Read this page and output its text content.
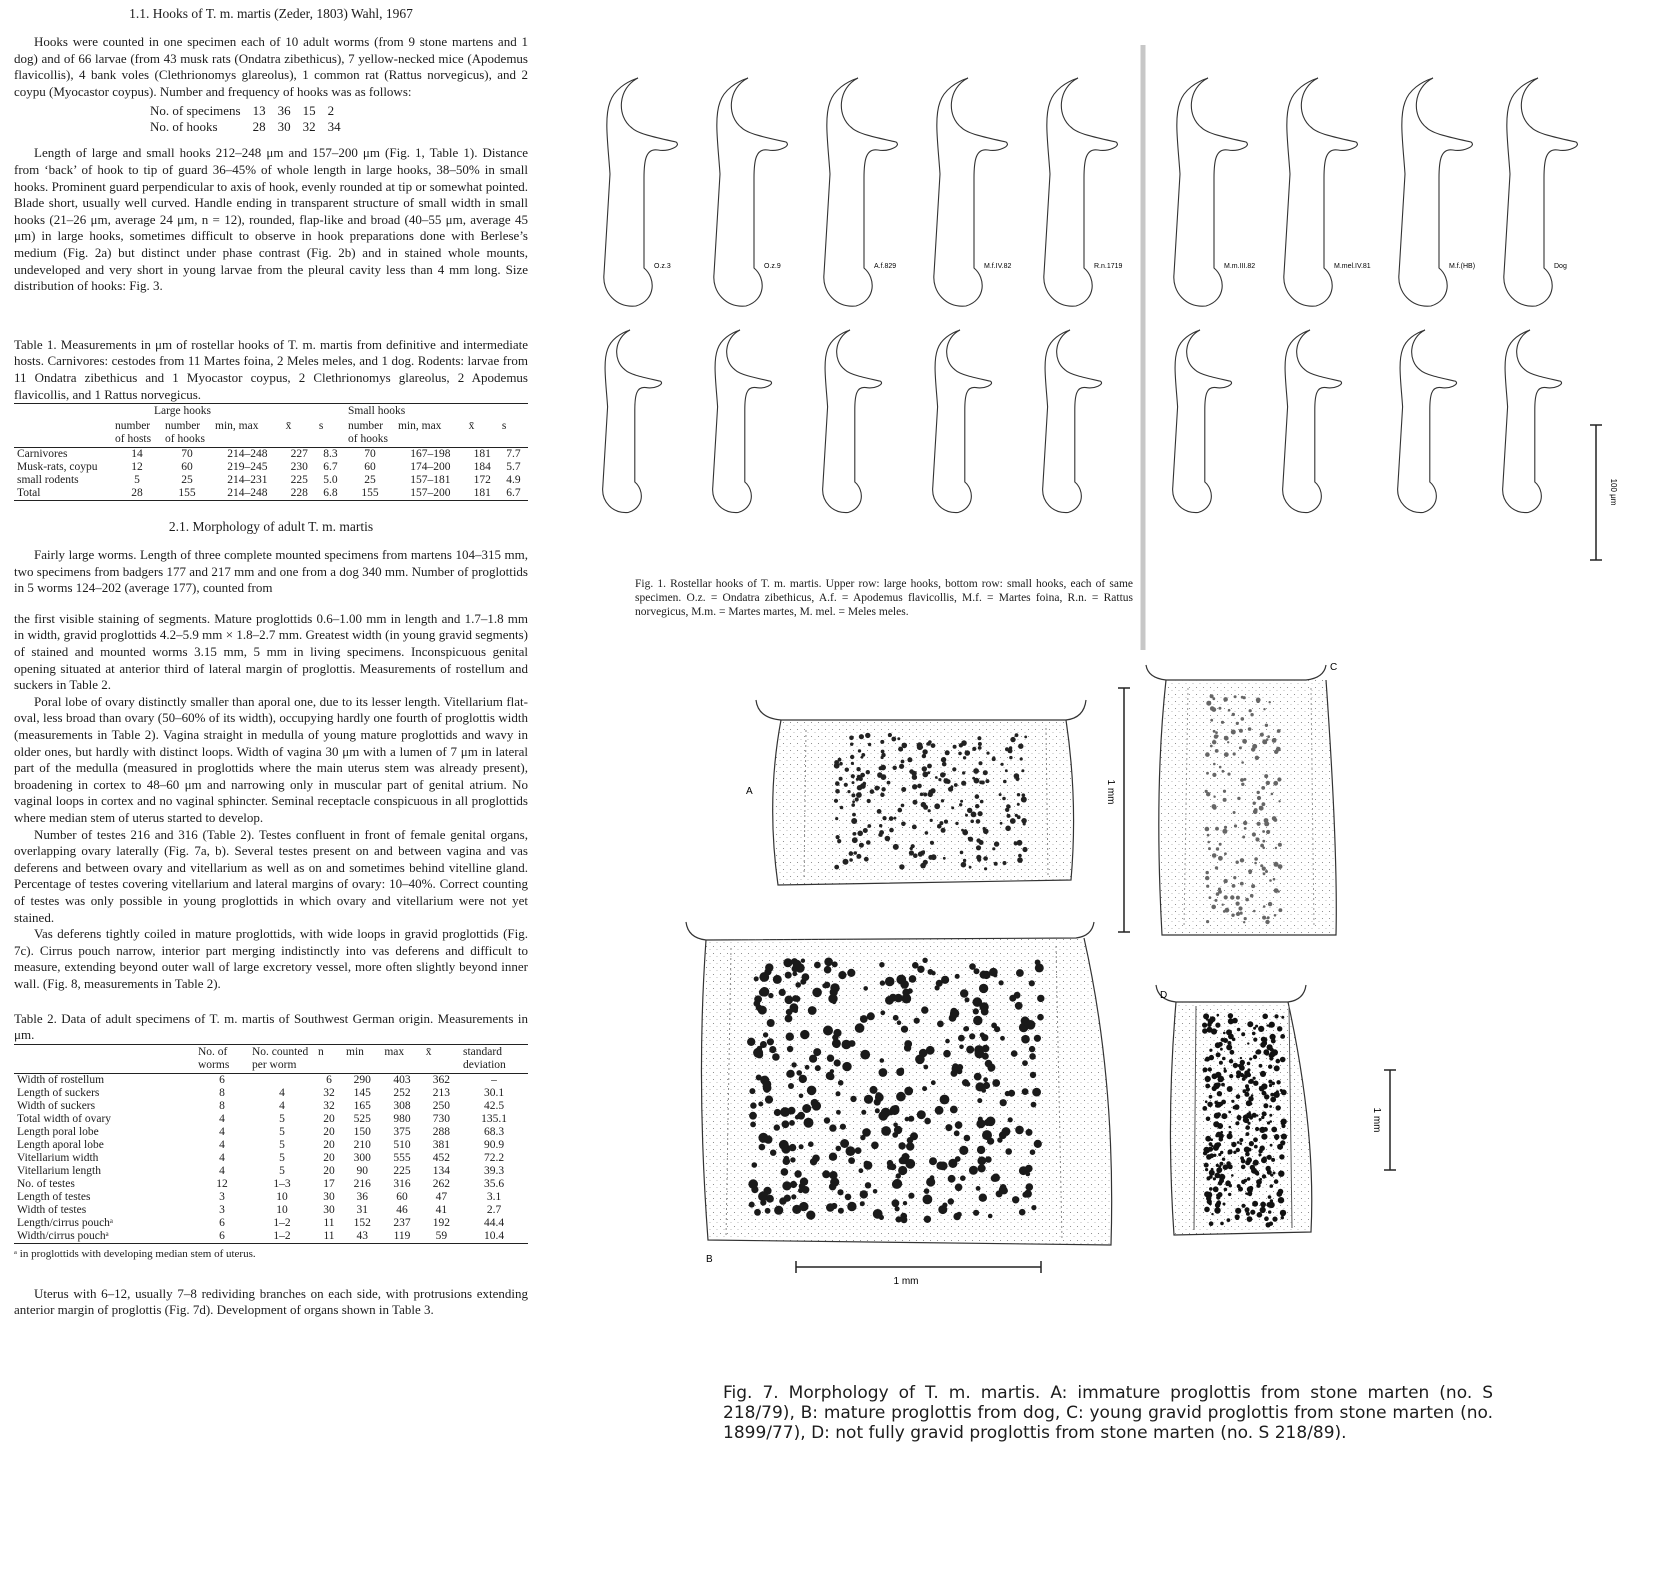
1.1. Hooks of T. m. martis (Zeder, 1803) Wahl, 1967

Hooks were counted in one specimen each of 10 adult worms (from 9 stone martens and 1 dog) and of 66 larvae (from 43 musk rats (Ondatra zibethicus), 7 yellow-necked mice (Apodemus flavicollis), 4 bank voles (Clethrionomys glareolus), 1 common rat (Rattus norvegicus), and 2 coypu (Myocastor coypus). Number and frequency of hooks was as follows:

No. of specimens	13	36	15	2
No. of hooks	28	30	32	34

Length of large and small hooks 212–248 μm and 157–200 μm (Fig. 1, Table 1). Distance from ‘back’ of hook to tip of guard 36–45% of whole length in large hooks, 38–50% in small hooks. Prominent guard perpendicular to axis of hook, evenly rounded at tip or somewhat pointed. Blade short, usually well curved. Handle ending in transparent structure of small width in small hooks (21–26 μm, average 24 μm, n = 12), rounded, flap-like and broad (40–55 μm, average 45 μm) in large hooks, sometimes difficult to observe in hook preparations done with Berlese’s medium (Fig. 2a) but distinct under phase contrast (Fig. 2b) and in stained whole mounts, undeveloped and very short in young larvae from the pleural cavity less than 4 mm long. Size distribution of hooks: Fig. 3.

Table 1. Measurements in μm of rostellar hooks of T. m. martis from definitive and intermediate hosts. Carnivores: cestodes from 11 Martes foina, 2 Meles meles, and 1 dog. Rodents: larvae from 11 Ondatra zibethicus and 1 Myocastor coypus, 2 Clethrionomys glareolus, 2 Apodemus flavicollis, and 1 Rattus norvegicus.

	Large hooks					Small hooks			
	number of hosts	number of hooks	min, max	x̄	s	number of hooks	min, max	x̄	s
Carnivores	14	70	214–248	227	8.3	70	167–198	181	7.7
Musk-rats, coypu	12	60	219–245	230	6.7	60	174–200	184	5.7
small rodents	5	25	214–231	225	5.0	25	157–181	172	4.9
Total	28	155	214–248	228	6.8	155	157–200	181	6.7
2.1. Morphology of adult T. m. martis

Fairly large worms. Length of three complete mounted specimens from martens 104–315 mm, two specimens from badgers 177 and 217 mm and one from a dog 340 mm. Number of proglottids in 5 worms 124–202 (average 177), counted from

the first visible staining of segments. Mature proglottids 0.6–1.00 mm in length and 1.7–1.8 mm in width, gravid proglottids 4.2–5.9 mm × 1.8–2.7 mm. Greatest width (in young gravid segments) of stained and mounted worms 3.15 mm, 5 mm in living specimens. Inconspicuous genital opening situated at anterior third of lateral margin of proglottis. Measurements of rostellum and suckers in Table 2.

Poral lobe of ovary distinctly smaller than aporal one, due to its lesser length. Vitellarium flat-oval, less broad than ovary (50–60% of its width), occupying hardly one fourth of proglottis width (measurements in Table 2). Vagina straight in medulla of young mature proglottids and wavy in older ones, but hardly with distinct loops. Width of vagina 30 μm with a lumen of 7 μm in lateral part of the medulla (measured in proglottids where the main uterus stem was already present), broadening in cortex to 48–60 μm and narrowing only in muscular part of genital atrium. No vaginal loops in cortex and no vaginal sphincter. Seminal receptacle conspicuous in all proglottids where median stem of uterus started to develop.

Number of testes 216 and 316 (Table 2). Testes confluent in front of female genital organs, overlapping ovary laterally (Fig. 7a, b). Several testes present on and between vagina and vas deferens and between ovary and vitellarium as well as on and sometimes behind vitelline gland. Percentage of testes covering vitellarium and lateral margins of ovary: 10–40%. Correct counting of testes was only possible in young proglottids in which ovary and vitellarium were not yet stained.

Vas deferens tightly coiled in mature proglottids, with wide loops in gravid proglottids (Fig. 7c). Cirrus pouch narrow, interior part merging indistinctly into vas deferens and difficult to measure, extending beyond outer wall of large excretory vessel, more often slightly beyond inner wall. (Fig. 8, measurements in Table 2).

Table 2. Data of adult specimens of T. m. martis of Southwest German origin. Measurements in μm.

	No. of worms	No. counted per worm	n	min	max	x̄	standard deviation
Width of rostellum	6		6	290	403	362	–
Length of suckers	8	4	32	145	252	213	30.1
Width of suckers	8	4	32	165	308	250	42.5
Total width of ovary	4	5	20	525	980	730	135.1
Length poral lobe	4	5	20	150	375	288	68.3
Length aporal lobe	4	5	20	210	510	381	90.9
Vitellarium width	4	5	20	300	555	452	72.2
Vitellarium length	4	5	20	90	225	134	39.3
No. of testes	12	1–3	17	216	316	262	35.6
Length of testes	3	10	30	36	60	47	3.1
Width of testes	3	10	30	31	46	41	2.7
Length/cirrus pouchᵃ	6	1–2	11	152	237	192	44.4
Width/cirrus pouchᵃ	6	1–2	11	43	119	59	10.4
ᵃ in proglottids with developing median stem of uterus.

Uterus with 6–12, usually 7–8 redividing branches on each side, with protrusions extending anterior margin of proglottis (Fig. 7d). Development of organs shown in Table 3.

O.z.3	O.z.9	A.f.829	M.f.IV.82	R.n.1719	M.m.III.82	M.mel.IV.81	M.f.(HB)	Dog
100 μm
Fig. 1. Rostellar hooks of T. m. martis. Upper row: large hooks, bottom row: small hooks, each of same specimen. O.z. = Ondatra zibethicus, A.f. = Apodemus flavicollis, M.f. = Martes foina, R.n. = Rattus norvegicus, M.m. = Martes martes, M. mel. = Meles meles.
A
C
1 mm
B
1 mm
D
1 mm
Fig. 7. Morphology of T. m. martis. A: immature proglottis from stone marten (no. S 218/79), B: mature proglottis from dog, C: young gravid proglottis from stone marten (no. 1899/77), D: not fully gravid proglottis from stone marten (no. S 218/89).
